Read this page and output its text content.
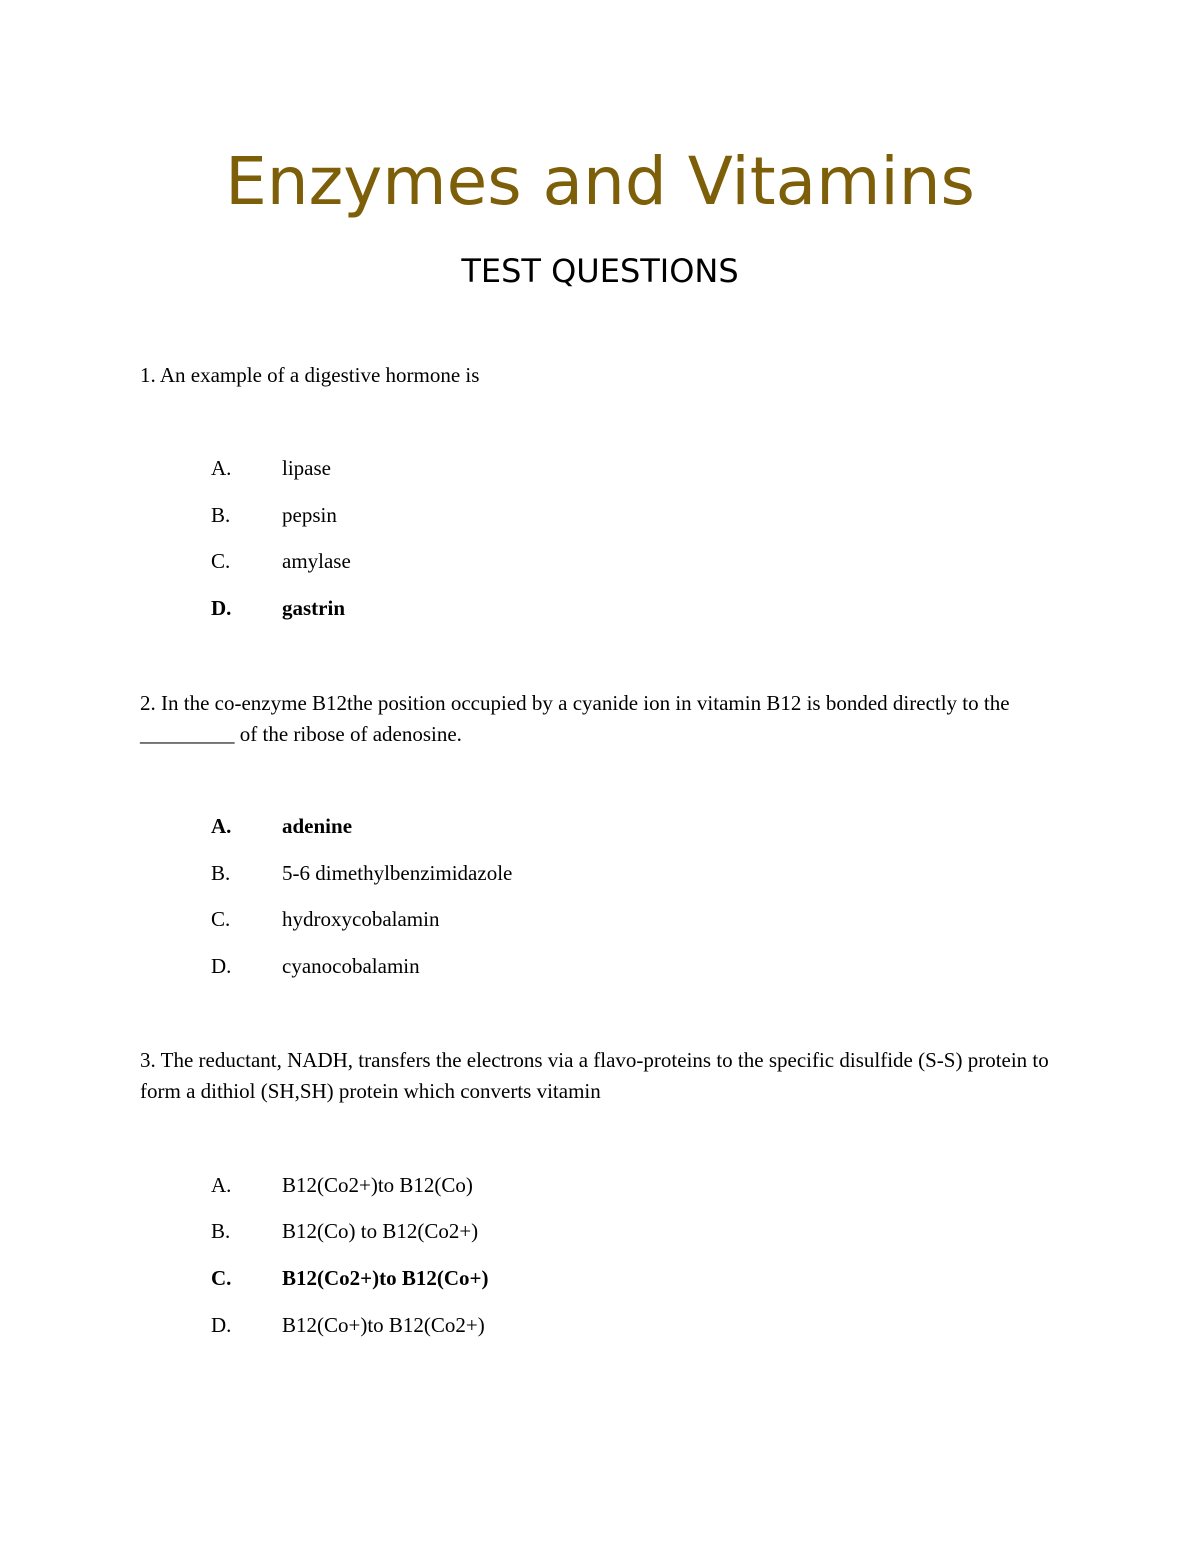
Enzymes and Vitamins
TEST QUESTIONS

1. An example of a digestive hormone is

A. lipase
B. pepsin
C. amylase
D. gastrin

2. In the co-enzyme B12the position occupied by a cyanide ion in vitamin B12 is bonded directly to the _________ of the ribose of adenosine.

A. adenine
B. 5-6 dimethylbenzimidazole
C. hydroxycobalamin
D. cyanocobalamin

3. The reductant, NADH, transfers the electrons via a flavo-proteins to the specific disulfide (S-S) protein to form a dithiol (SH,SH) protein which converts vitamin

A. B12(Co2+)to B12(Co)
B. B12(Co) to B12(Co2+)
C. B12(Co2+)to B12(Co+)
D. B12(Co+)to B12(Co2+)
